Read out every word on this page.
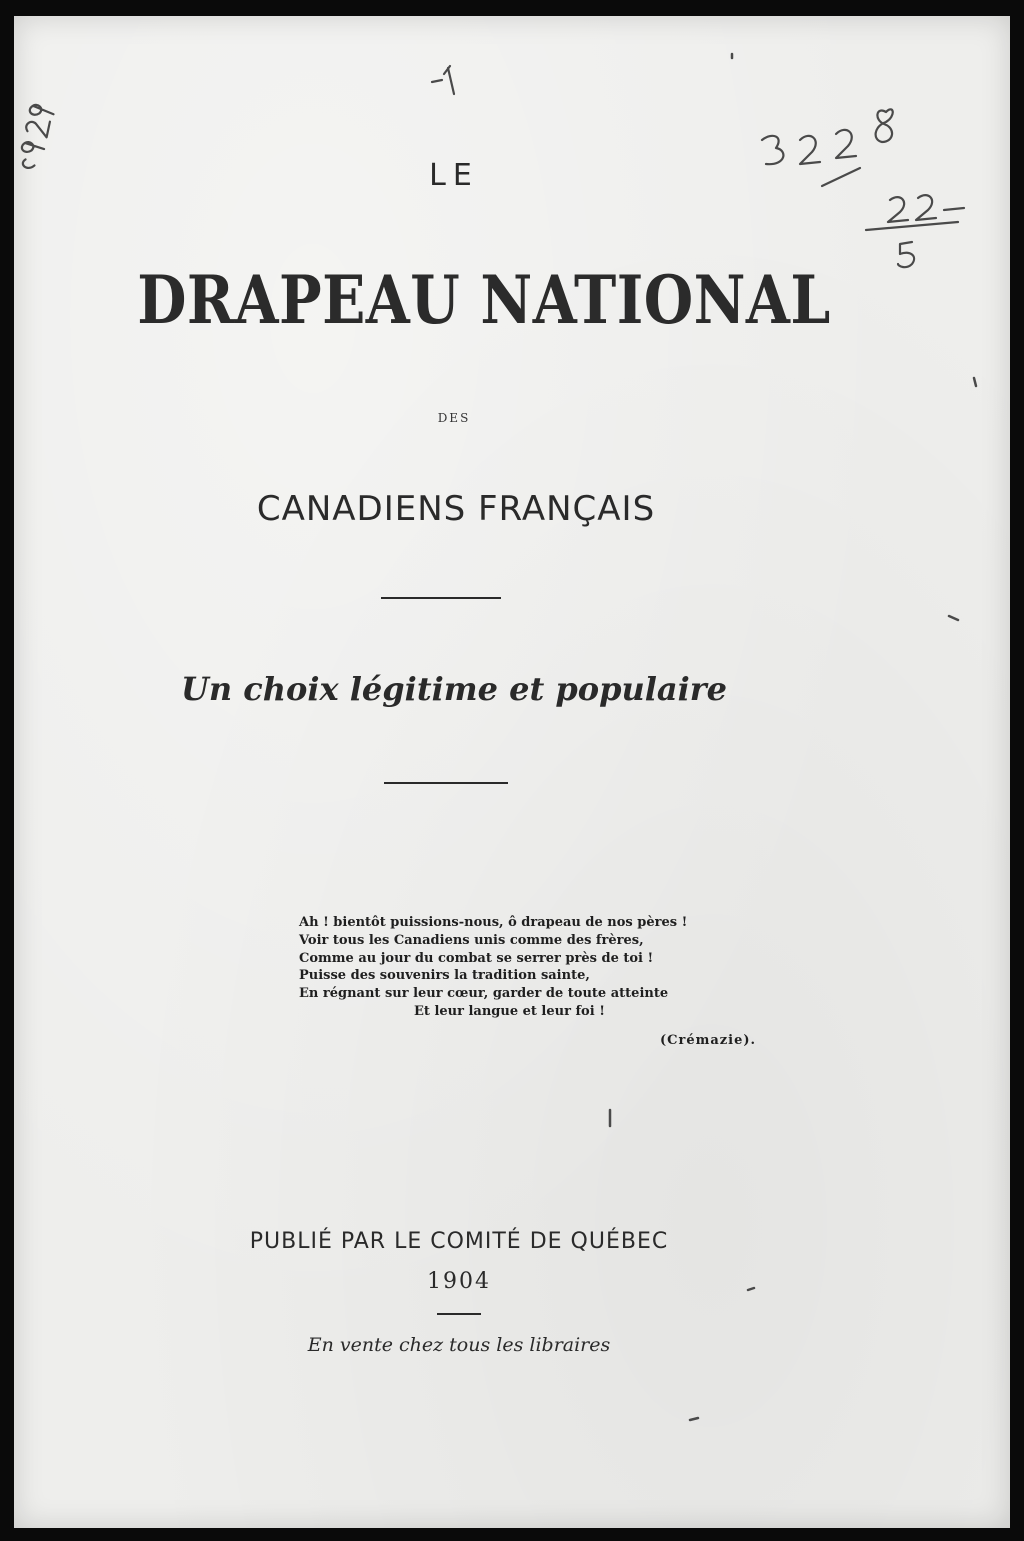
LE
DRAPEAU NATIONAL
DES
CANADIENS FRANÇAIS
Un choix légitime et populaire
Ah ! bientôt puissions-nous, ô drapeau de nos pères !
Voir tous les Canadiens unis comme des frères,
Comme au jour du combat se serrer près de toi !
Puisse des souvenirs la tradition sainte,
En régnant sur leur cœur, garder de toute atteinte
Et leur langue et leur foi !
(Crémazie).
PUBLIÉ PAR LE COMITÉ DE QUÉBEC
1904
En vente chez tous les libraires
